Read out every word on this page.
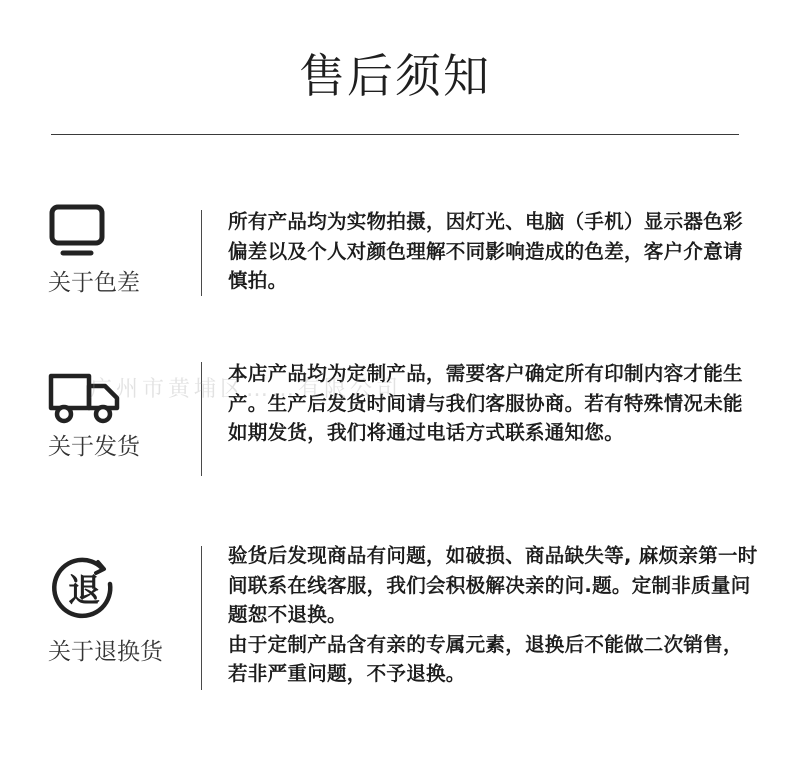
售后须知
关于色差
所有产品均为实物拍摄，因灯光、电脑（手机）显示器色彩偏差以及个人对颜色理解不同影响造成的色差，客户介意请慎拍。
关于发货
本店产品均为定制产品，需要客户确定所有印制内容才能生产。生产后发货时间请与我们客服协商。若有特殊情况未能如期发货，我们将通过电话方式联系通知您。
退
关于退换货

验货后发现商品有问题，如破损、商品缺失等, 麻烦亲第一时间联系在线客服，我们会积极解决亲的问.题。定制非质量问题恕不退换。

由于定制产品含有亲的专属元素，退换后不能做二次销售，若非严重问题，不予退换。

广州市黄埔区……有限公司
